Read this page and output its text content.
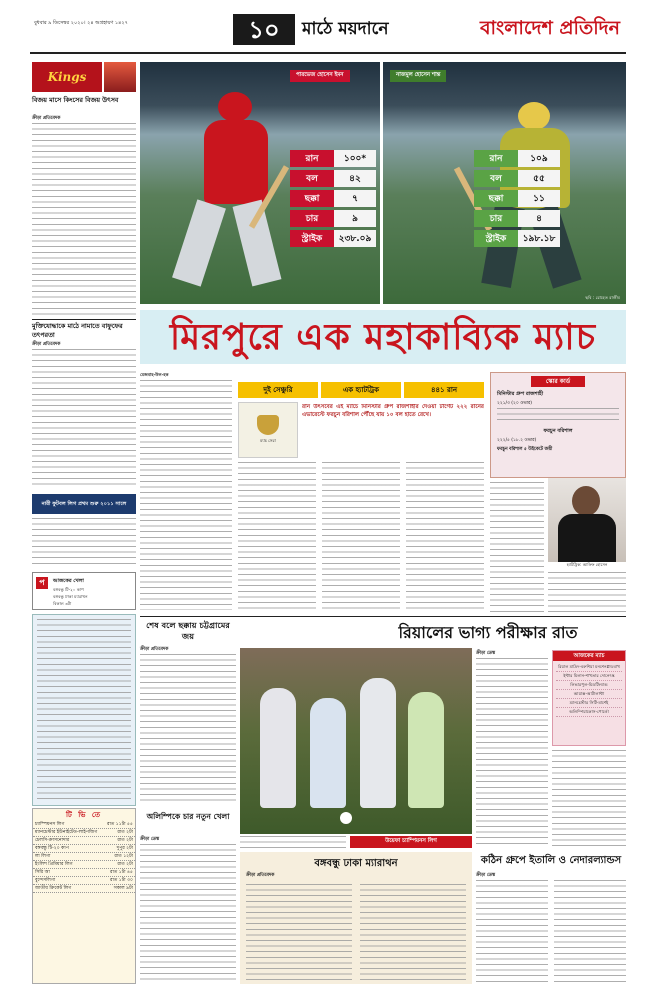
বুধবার ৯ ডিসেম্বর ২০২০। ২৪ অগ্রহায়ণ ১৪২৭	১০	মাঠে ময়দানে	বাংলাদেশ প্রতিদিন
Kings
বিজয় মাসে কিংসের বিজয় উৎসব
ক্রীড়া প্রতিবেদক
মুক্তিযোদ্ধাকে মাঠে নামাতে বাফুফের তৎপরতা
ক্রীড়া প্রতিবেদক
নারী ফুটবল লিগ প্রথম শুরু ২০১১ সালে
প	আজকের খেলা
বঙ্গবন্ধু টি-২০ কাপ
বঙ্গবন্ধু ঢাকা ম্যারাথন
বিকাল ৩টা
পারভেজ হোসেন ইমন	নাজমুল হোসেন শান্ত
রান	১০০*
বল	৪২
ছক্কা	৭
চার	৯
স্ট্রাইক	২৩৮.০৯
রান	১০৯
বল	৫৫
ছক্কা	১১
চার	৪
স্ট্রাইক	১৯৮.১৮
ছবি : রোহেত রাজীব
মিরপুরে এক মহাকাব্যিক ম্যাচ
মেজবাহ-উল-হক
দুই সেঞ্চুরি	এক হ্যাটট্রিক	৪৪১ রান
ম্যাচ সেরা
রান উৎসবের এই ম্যাচে মিনিস্টার গ্রুপ রাজশাহীর দেওয়া টার্গেট ২২২ রানের এভারেস্টে ফরচুন বরিশাল পৌঁছে যায় ১০ বল হাতে রেখে।
স্কোর কার্ড
মিনিস্টার গ্রুপ রাজশাহী
২২১/৩ (২০ ওভার)
ফরচুন বরিশাল
২২২/৫ (১৮.২ ওভার)
ফরচুন বরিশাল ৫ উইকেটে জয়ী
হ্যাটট্রিক: আফিফ হোসেন
শেষ বলে ছক্কায় চট্টগ্রামের জয়
ক্রীড়া প্রতিবেদক
টি ভি তে
চ্যাম্পিয়নস লিগ	রাত ১১টা ৫৫
ম্যানচেস্টার ইউনাইটেড-লাইপজিগ	রাত ২টা
চেলসি-ক্রাসনোদার	রাত ২টা
বঙ্গবন্ধু টি-২০ কাপ	দুপুর ২টা
লা লিগা	রাত ১২টা
ইংলিশ প্রিমিয়ার লিগ	রাত ২টা
সিরি আ	রাত ১টা ৪৫
বুন্দেসলিগা	রাত ১টা ৩০
জাতীয় ক্রিকেট লিগ	সকাল ৯টা
অলিম্পিকে চার নতুন খেলা
ক্রীড়া ডেস্ক
রিয়ালের ভাগ্য পরীক্ষার রাত
উয়েফা চ্যাম্পিয়নস লিগ
ক্রীড়া ডেস্ক	আজকের ম্যাচ
রিয়াল মাদ্রিদ-বরুশিয়া মনশেনগ্লাডবাখ
ইন্টার মিলান-শাখতার দোনেৎস্ক
লিভারপুল-মিডটিল্যান্ড
আয়াক্স-আটালান্টা
ম্যানচেস্টার সিটি-মার্শেই
অলিম্পিয়াকোস-পোর্তো
বঙ্গবন্ধু ঢাকা ম্যারাথন
ক্রীড়া প্রতিবেদক
কঠিন গ্রুপে ইতালি ও নেদারল্যান্ডস
ক্রীড়া ডেস্ক
